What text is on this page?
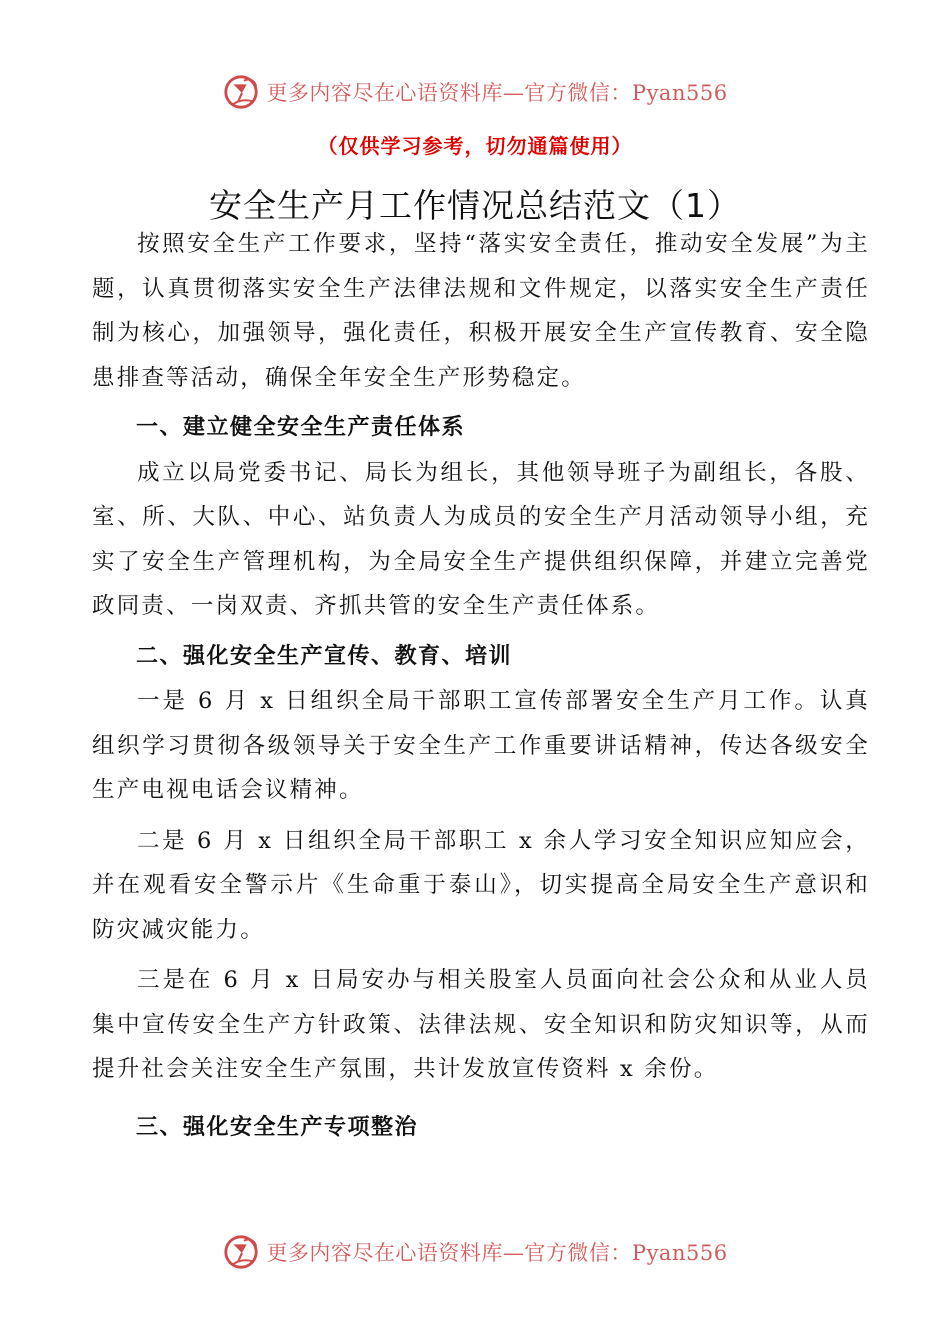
更多内容尽在心语资料库—官方微信：Pyan556
（仅供学习参考，切勿通篇使用）
安全生产月工作情况总结范文（1）

按照安全生产工作要求，坚持“落实安全责任，推动安全发展”为主题，认真贯彻落实安全生产法律法规和文件规定，以落实安全生产责任制为核心，加强领导，强化责任，积极开展安全生产宣传教育、安全隐患排查等活动，确保全年安全生产形势稳定。

一、建立健全安全生产责任体系

成立以局党委书记、局长为组长，其他领导班子为副组长，各股、室、所、大队、中心、站负责人为成员的安全生产月活动领导小组，充实了安全生产管理机构，为全局安全生产提供组织保障，并建立完善党政同责、一岗双责、齐抓共管的安全生产责任体系。

二、强化安全生产宣传、教育、培训

一是 6 月 x 日组织全局干部职工宣传部署安全生产月工作。认真组织学习贯彻各级领导关于安全生产工作重要讲话精神，传达各级安全生产电视电话会议精神。

二是 6 月 x 日组织全局干部职工 x 余人学习安全知识应知应会，并在观看安全警示片《生命重于泰山》，切实提高全局安全生产意识和防灾减灾能力。

三是在 6 月 x 日局安办与相关股室人员面向社会公众和从业人员集中宣传安全生产方针政策、法律法规、安全知识和防灾知识等，从而提升社会关注安全生产氛围，共计发放宣传资料 x 余份。

三、强化安全生产专项整治

更多内容尽在心语资料库—官方微信：Pyan556
